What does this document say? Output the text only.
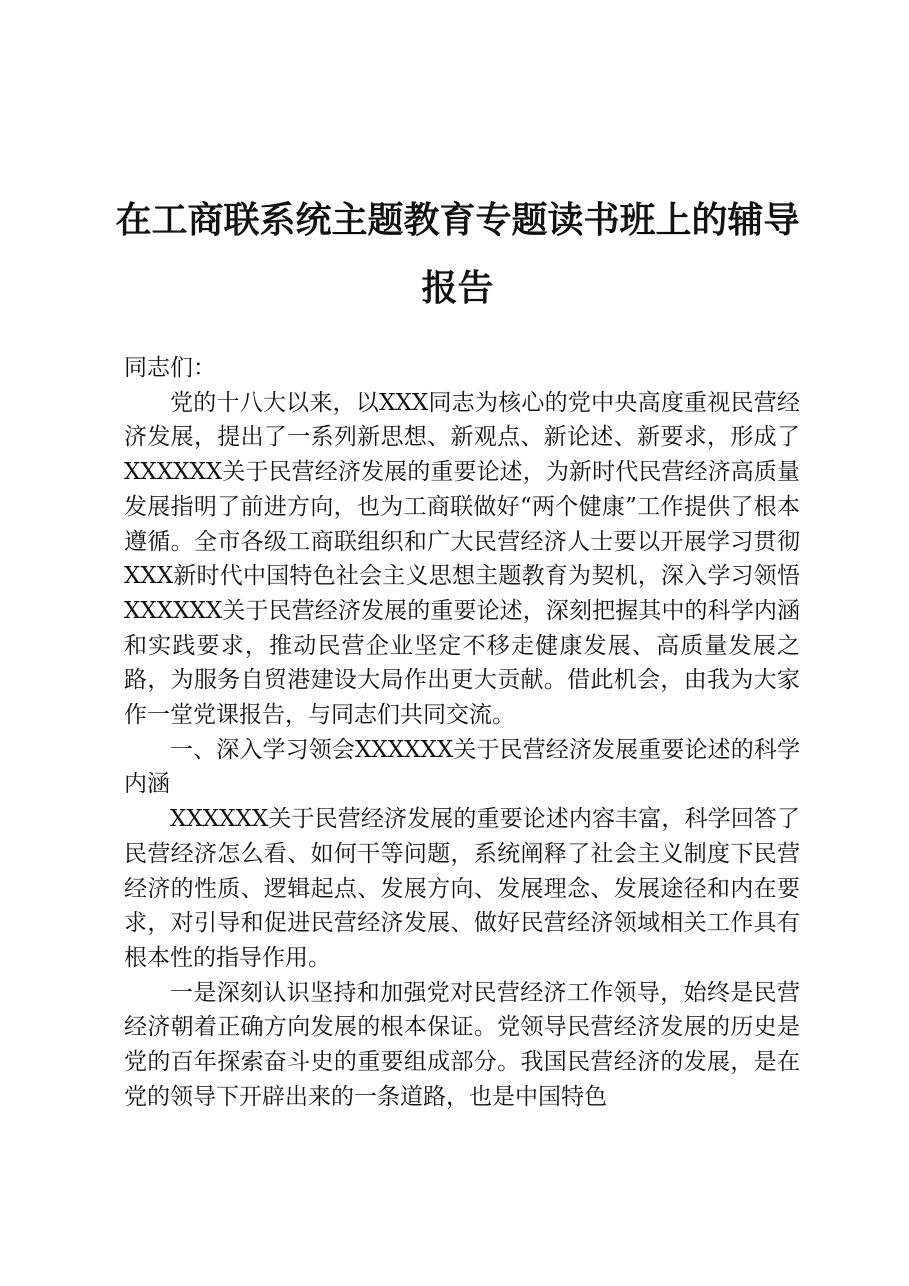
在工商联系统主题教育专题读书班上的辅导报告

同志们：

党的十八大以来，以XXX同志为核心的党中央高度重视民营经济发展，提出了一系列新思想、新观点、新论述、新要求，形成了XXXXXX关于民营经济发展的重要论述，为新时代民营经济高质量发展指明了前进方向，也为工商联做好“两个健康”工作提供了根本遵循。全市各级工商联组织和广大民营经济人士要以开展学习贯彻XXX新时代中国特色社会主义思想主题教育为契机，深入学习领悟XXXXXX关于民营经济发展的重要论述，深刻把握其中的科学内涵和实践要求，推动民营企业坚定不移走健康发展、高质量发展之路，为服务自贸港建设大局作出更大贡献。借此机会，由我为大家作一堂党课报告，与同志们共同交流。

一、深入学习领会XXXXXX关于民营经济发展重要论述的科学内涵

XXXXXX关于民营经济发展的重要论述内容丰富，科学回答了民营经济怎么看、如何干等问题，系统阐释了社会主义制度下民营经济的性质、逻辑起点、发展方向、发展理念、发展途径和内在要求，对引导和促进民营经济发展、做好民营经济领域相关工作具有根本性的指导作用。

一是深刻认识坚持和加强党对民营经济工作领导，始终是民营经济朝着正确方向发展的根本保证。党领导民营经济发展的历史是党的百年探索奋斗史的重要组成部分。我国民营经济的发展，是在党的领导下开辟出来的一条道路，也是中国特色
